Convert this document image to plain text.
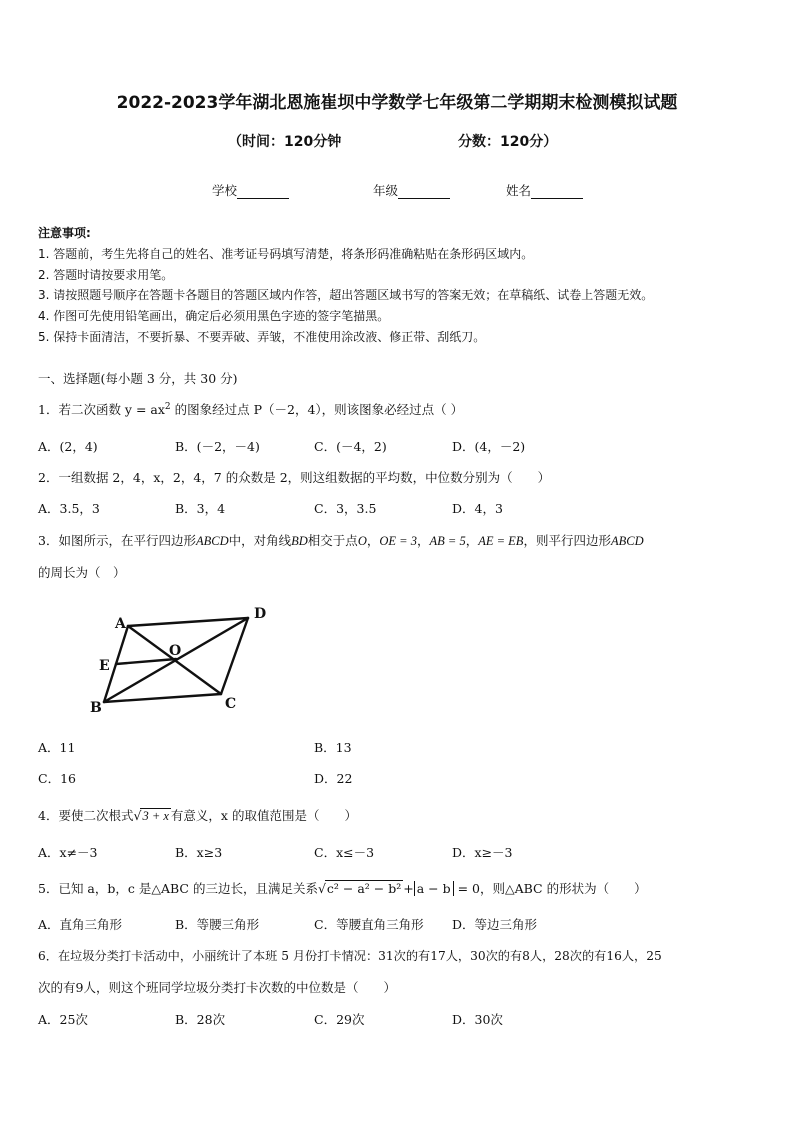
2022-2023学年湖北恩施崔坝中学数学七年级第二学期期末检测模拟试题
（时间：120分钟	分数：120分）
学校	年级	姓名
注意事项:
1. 答题前，考生先将自己的姓名、准考证号码填写清楚，将条形码准确粘贴在条形码区域内。
2. 答题时请按要求用笔。
3. 请按照题号顺序在答题卡各题目的答题区域内作答，超出答题区域书写的答案无效；在草稿纸、试卷上答题无效。
4. 作图可先使用铅笔画出，确定后必须用黑色字迹的签字笔描黑。
5. 保持卡面清洁，不要折暴、不要弄破、弄皱，不准使用涂改液、修正带、刮纸刀。
一、选择题(每小题 3 分，共 30 分)
1．若二次函数 $y = ax^2$ 的图象经过点 P（－2，4），则该图象必经过点（ ）
A．(2，4)	B．(－2，－4)	C．(－4，2)	D．(4，－2)
2．一组数据 2，4，x，2，4，7 的众数是 2，则这组数据的平均数，中位数分别为（　　）
A．3.5，3	B．3，4	C．3，3.5	D．4，3
3．如图所示，在平行四边形ABCD中，对角线BD相交于点O，OE = 3，AB = 5，AE = EB，则平行四边形ABCD
的周长为（　）
A
B	C
D
E
O
A．11	B．13
C．16	D．22
4．要使二次根式√3 + x 有意义，x 的取值范围是（　　）
A．x≠－3	B．x≥3	C．x≤－3	D．x≥－3
5．已知 a，b，c 是△ABC 的三边长，且满足关系√c² − a² − b² + a − b = 0，则△ABC 的形状为（　　）
A．直角三角形	B．等腰三角形	C．等腰直角三角形 D．等边三角形
6．在垃圾分类打卡活动中，小丽统计了本班 5 月份打卡情况：31次的有17人，30次的有8人，28次的有16人，25
次的有9人，则这个班同学垃圾分类打卡次数的中位数是（　　）
A．25次	B．28次	C．29次	D．30次
